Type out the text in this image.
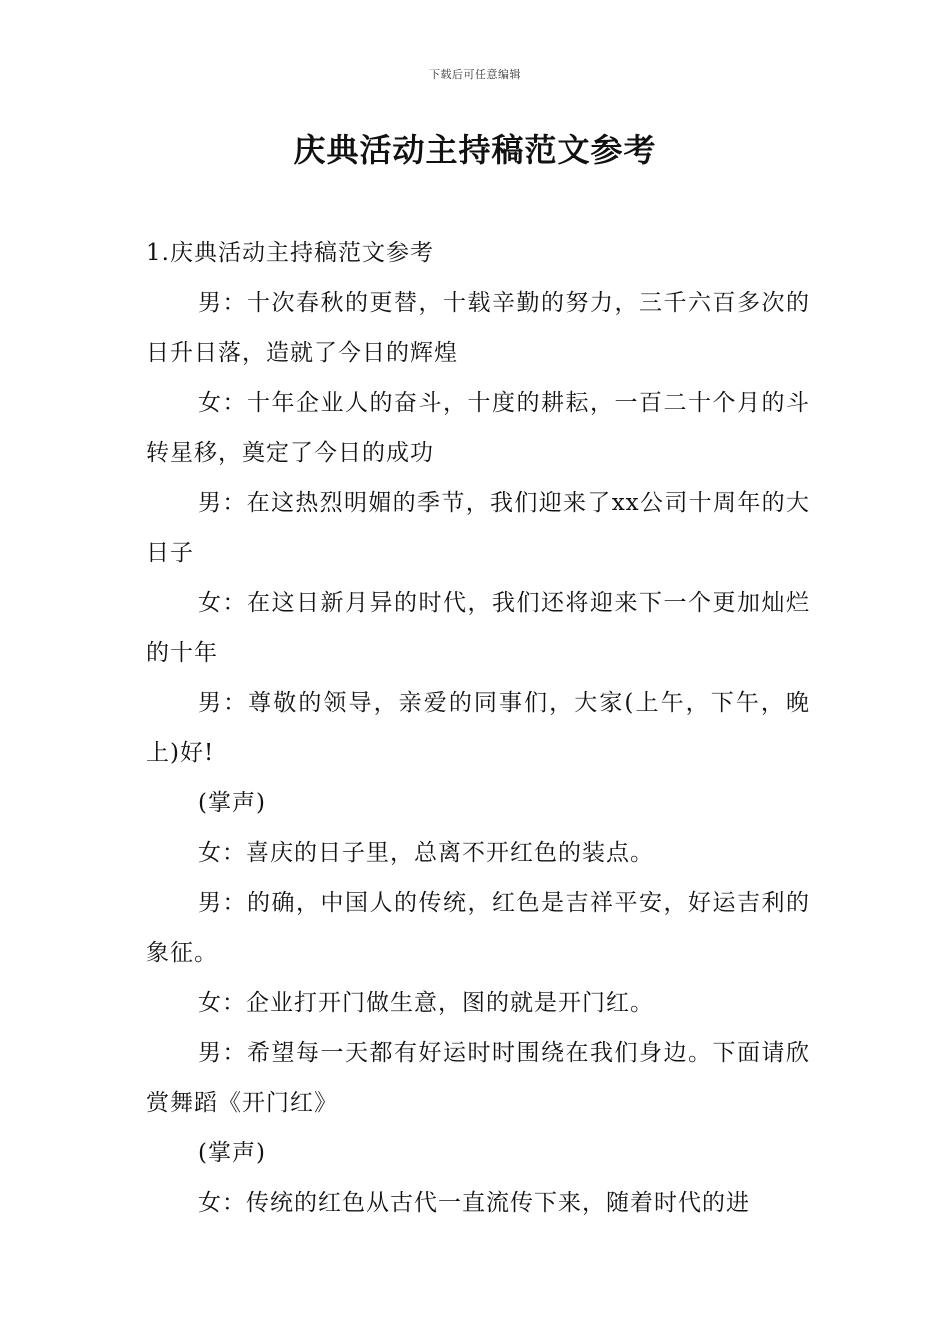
下载后可任意编辑
庆典活动主持稿范文参考

1.庆典活动主持稿范文参考

男：十次春秋的更替，十载辛勤的努力，三千六百多次的日升日落，造就了今日的辉煌

女：十年企业人的奋斗，十度的耕耘，一百二十个月的斗转星移，奠定了今日的成功

男：在这热烈明媚的季节，我们迎来了xx公司十周年的大日子

女：在这日新月异的时代，我们还将迎来下一个更加灿烂的十年

男：尊敬的领导，亲爱的同事们，大家(上午，下午，晚上)好!

(掌声)

女：喜庆的日子里，总离不开红色的装点。

男：的确，中国人的传统，红色是吉祥平安，好运吉利的象征。

女：企业打开门做生意，图的就是开门红。

男：希望每一天都有好运时时围绕在我们身边。下面请欣赏舞蹈《开门红》

(掌声)

女：传统的红色从古代一直流传下来，随着时代的进
